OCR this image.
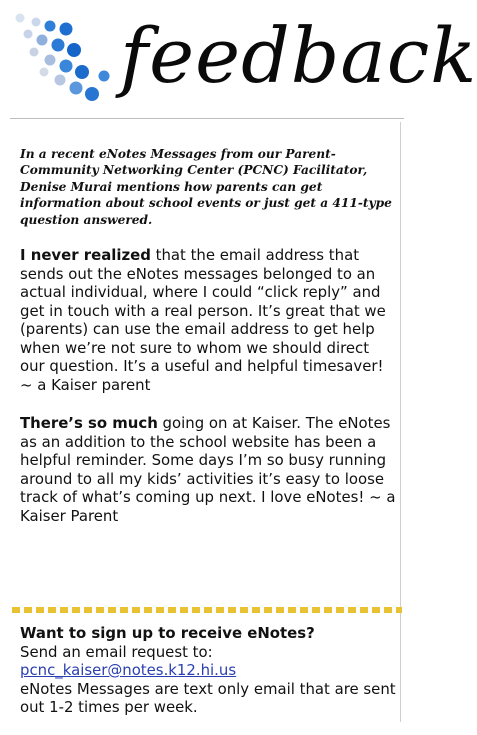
feedback

In a recent eNotes Messages from our Parent-Community Networking Center (PCNC) Facilitator, Denise Murai mentions how parents can get information about school events or just get a 411-type question answered.

I never realized that the email address that sends out the eNotes messages belonged to an actual individual, where I could “click reply” and get in touch with a real person. It’s great that we (parents) can use the email address to get help when we’re not sure to whom we should direct our question. It’s a useful and helpful timesaver! ~ a Kaiser parent

There’s so much going on at Kaiser. The eNotes as an addition to the school website has been a helpful reminder. Some days I’m so busy running around to all my kids’ activities it’s easy to loose track of what’s coming up next. I love eNotes! ~ a Kaiser Parent

Want to sign up to receive eNotes?
Send an email request to:
pcnc_kaiser@notes.k12.hi.us
eNotes Messages are text only email that are sent out 1-2 times per week.
